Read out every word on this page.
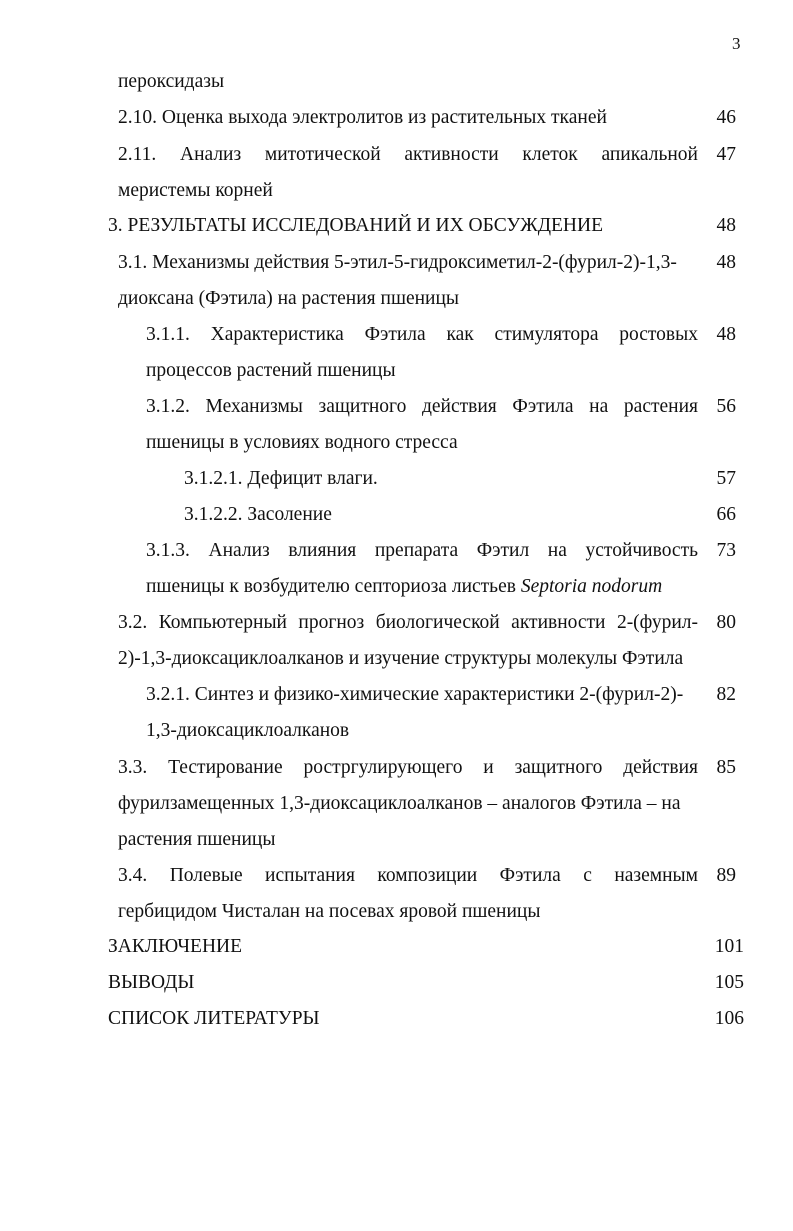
3
пероксидазы
2.10. Оценка выхода электролитов из растительных тканей	46
2.11. Анализ митотической активности клеток апикальной 47
меристемы корней
3. РЕЗУЛЬТАТЫ ИССЛЕДОВАНИЙ И ИХ ОБСУЖДЕНИЕ	48
3.1. Механизмы действия 5-этил-5-гидроксиметил-2-(фурил-2)-1,3-	48
диоксана (Фэтила) на растения пшеницы
3.1.1. Характеристика Фэтила как стимулятора ростовых 48
процессов растений пшеницы
3.1.2. Механизмы защитного действия Фэтила на растения 56
пшеницы в условиях водного стресса
3.1.2.1. Дефицит влаги.	57
3.1.2.2. Засоление	66
3.1.3. Анализ влияния препарата Фэтил на устойчивость 73
пшеницы к возбудителю септориоза листьев Septoria nodorum
3.2. Компьютерный прогноз биологической активности 2-(фурил- 80
2)-1,3-диоксациклоалканов и изучение структуры молекулы Фэтила
3.2.1. Синтез и физико-химические характеристики 2-(фурил-2)-	82
1,3-диоксациклоалканов
3.3. Тестирование ростргулирующего и защитного действия 85
фурилзамещенных 1,3-диоксациклоалканов – аналогов Фэтила – на
растения пшеницы
3.4. Полевые испытания композиции Фэтила с наземным 89
гербицидом Чисталан на посевах яровой пшеницы
ЗАКЛЮЧЕНИЕ	101
ВЫВОДЫ	105
СПИСОК ЛИТЕРАТУРЫ	106
